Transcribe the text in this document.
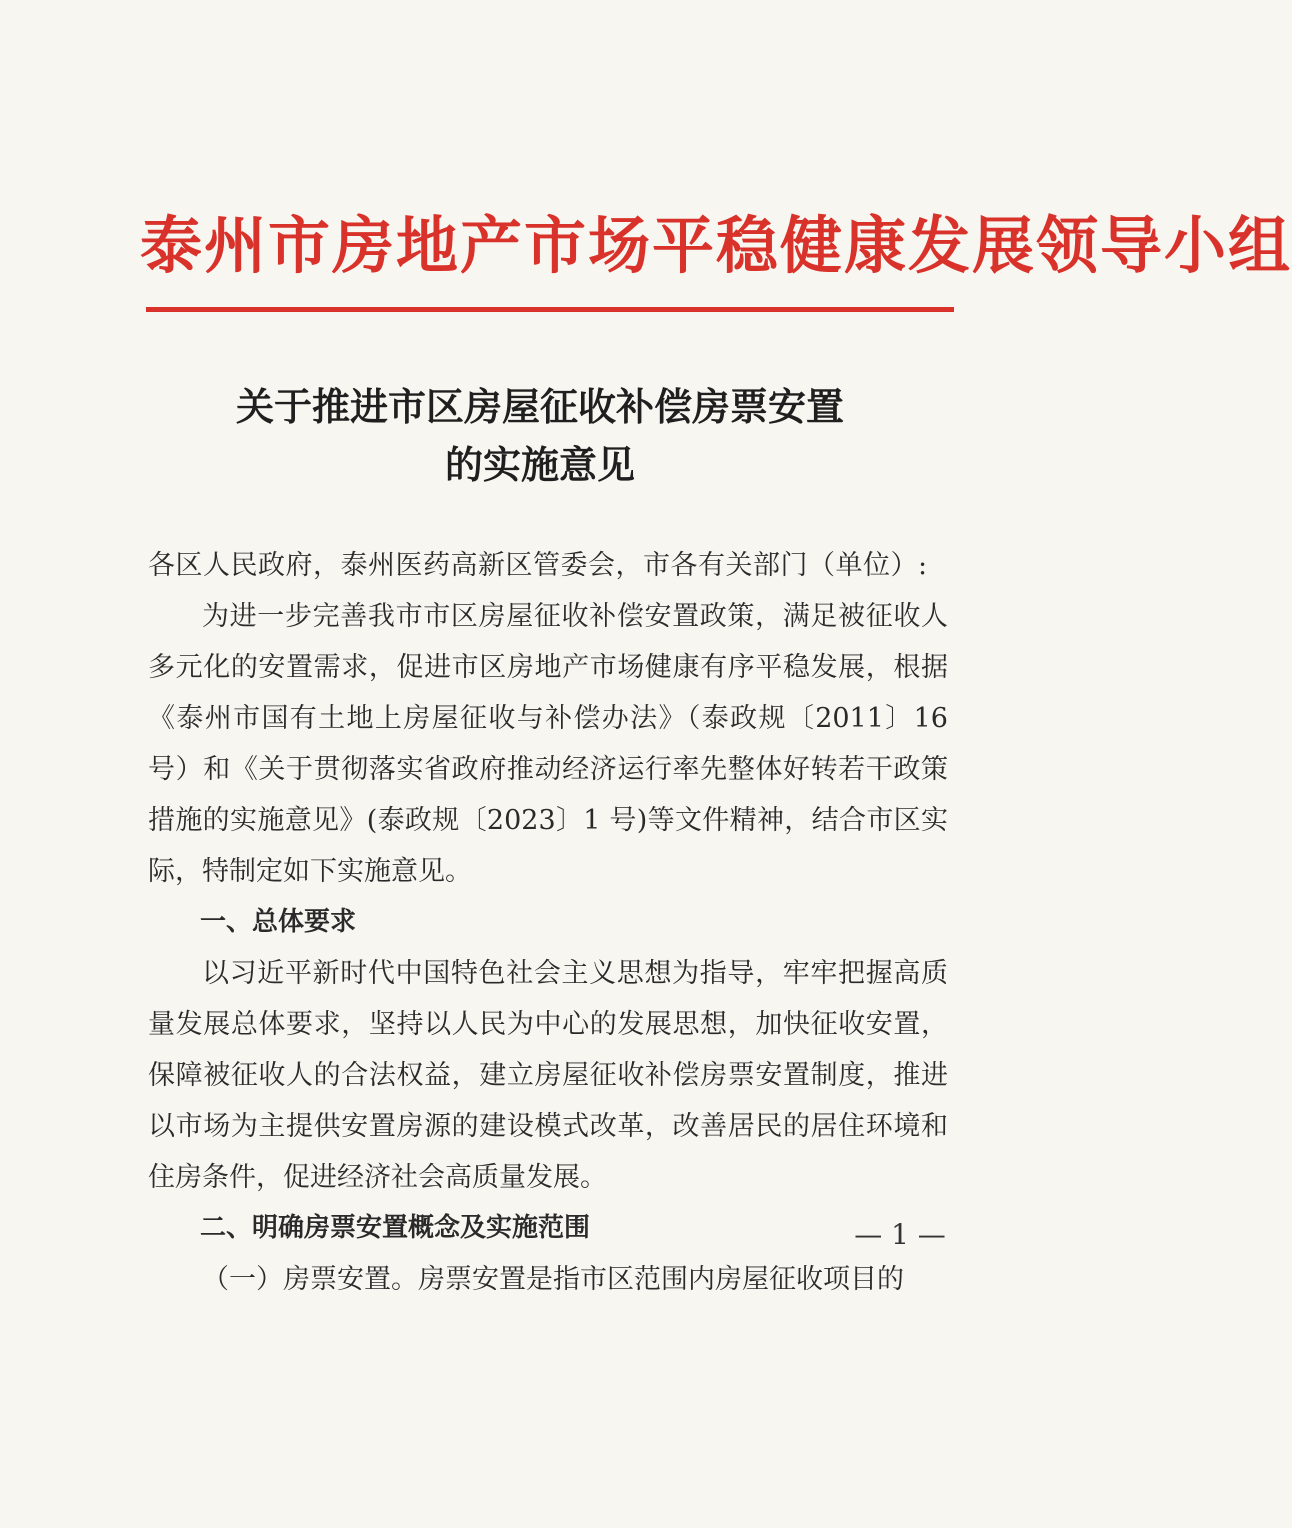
泰州市房地产市场平稳健康发展领导小组
关于推进市区房屋征收补偿房票安置
的实施意见

各区人民政府，泰州医药高新区管委会，市各有关部门（单位）:

为进一步完善我市市区房屋征收补偿安置政策，满足被征收人多元化的安置需求，促进市区房地产市场健康有序平稳发展，根据《泰州市国有土地上房屋征收与补偿办法》（泰政规〔2011〕16 号）和《关于贯彻落实省政府推动经济运行率先整体好转若干政策措施的实施意见》(泰政规〔2023〕1 号)等文件精神，结合市区实际，特制定如下实施意见。

一、总体要求

以习近平新时代中国特色社会主义思想为指导，牢牢把握高质量发展总体要求，坚持以人民为中心的发展思想，加快征收安置，保障被征收人的合法权益，建立房屋征收补偿房票安置制度，推进以市场为主提供安置房源的建设模式改革，改善居民的居住环境和住房条件，促进经济社会高质量发展。

二、明确房票安置概念及实施范围

（一）房票安置。房票安置是指市区范围内房屋征收项目的

— 1 —
